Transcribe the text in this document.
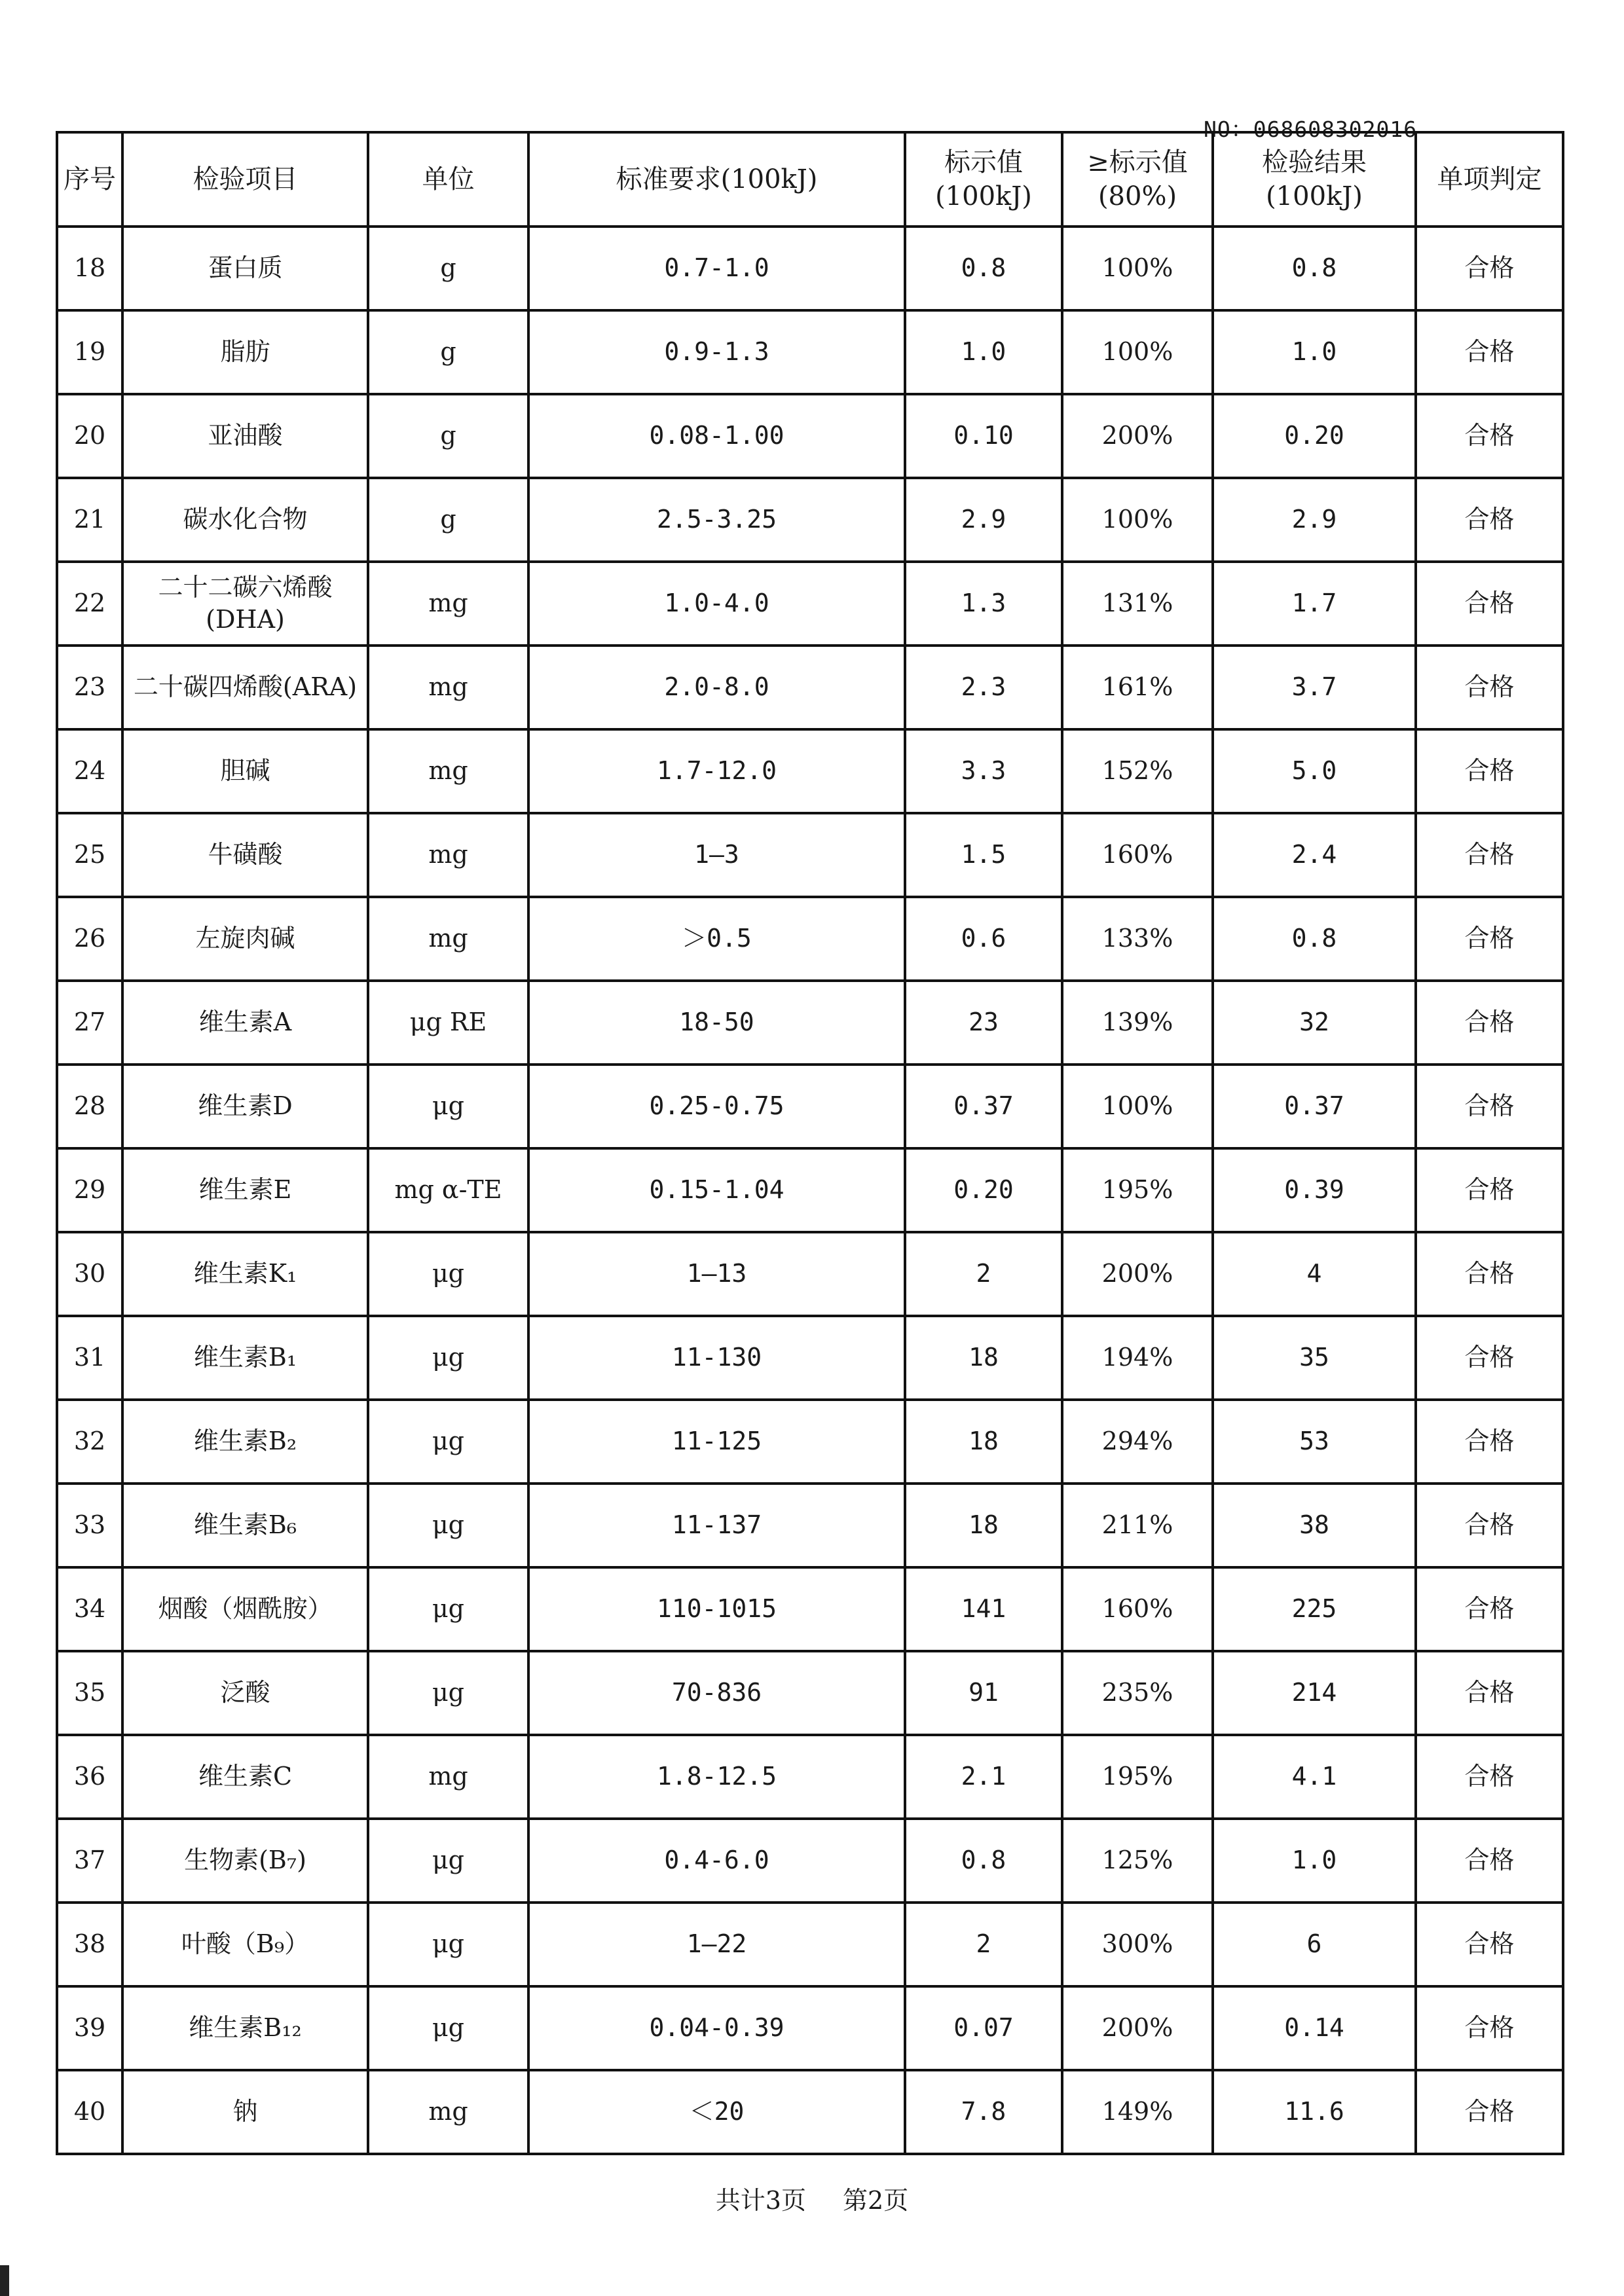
NO：068608302016
序号	检验项目	单位	标准要求(100kJ)	标示值(100kJ)	≥标示值(80%)	检验结果(100kJ)	单项判定
18	蛋白质	g	0.7-1.0	0.8	100%	0.8	合格
19	脂肪	g	0.9-1.3	1.0	100%	1.0	合格
20	亚油酸	g	0.08-1.00	0.10	200%	0.20	合格
21	碳水化合物	g	2.5-3.25	2.9	100%	2.9	合格
22	二十二碳六烯酸(DHA)	mg	1.0-4.0	1.3	131%	1.7	合格
23	二十碳四烯酸(ARA)	mg	2.0-8.0	2.3	161%	3.7	合格
24	胆碱	mg	1.7-12.0	3.3	152%	5.0	合格
25	牛磺酸	mg	1—3	1.5	160%	2.4	合格
26	左旋肉碱	mg	＞0.5	0.6	133%	0.8	合格
27	维生素A	μg RE	18-50	23	139%	32	合格
28	维生素D	μg	0.25-0.75	0.37	100%	0.37	合格
29	维生素E	mg α-TE	0.15-1.04	0.20	195%	0.39	合格
30	维生素K₁	μg	1—13	2	200%	4	合格
31	维生素B₁	μg	11-130	18	194%	35	合格
32	维生素B₂	μg	11-125	18	294%	53	合格
33	维生素B₆	μg	11-137	18	211%	38	合格
34	烟酸（烟酰胺）	μg	110-1015	141	160%	225	合格
35	泛酸	μg	70-836	91	235%	214	合格
36	维生素C	mg	1.8-12.5	2.1	195%	4.1	合格
37	生物素(B₇)	μg	0.4-6.0	0.8	125%	1.0	合格
38	叶酸（B₉）	μg	1—22	2	300%	6	合格
39	维生素B₁₂	μg	0.04-0.39	0.07	200%	0.14	合格
40	钠	mg	＜20	7.8	149%	11.6	合格
共计3页 第2页
